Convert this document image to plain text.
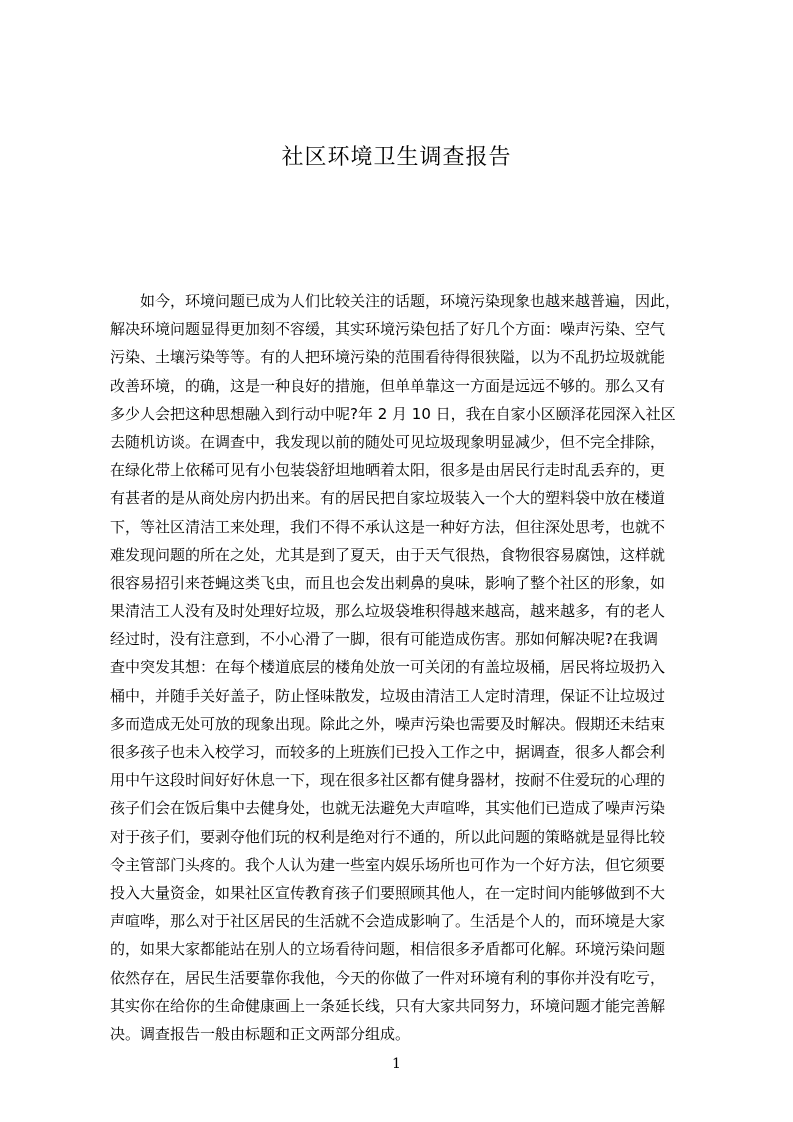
社区环境卫生调查报告
如今，环境问题已成为人们比较关注的话题，环境污染现象也越来越普遍，因此，
解决环境问题显得更加刻不容缓，其实环境污染包括了好几个方面：噪声污染、空气
污染、土壤污染等等。有的人把环境污染的范围看待得很狭隘，以为不乱扔垃圾就能
改善环境，的确，这是一种良好的措施，但单单靠这一方面是远远不够的。那么又有
多少人会把这种思想融入到行动中呢?年 2 月 10 日，我在自家小区颐泽花园深入社区
去随机访谈。在调查中，我发现以前的随处可见垃圾现象明显减少，但不完全排除，
在绿化带上依稀可见有小包装袋舒坦地晒着太阳，很多是由居民行走时乱丢弃的，更
有甚者的是从商处房内扔出来。有的居民把自家垃圾装入一个大的塑料袋中放在楼道
下，等社区清洁工来处理，我们不得不承认这是一种好方法，但往深处思考，也就不
难发现问题的所在之处，尤其是到了夏天，由于天气很热，食物很容易腐蚀，这样就
很容易招引来苍蝇这类飞虫，而且也会发出刺鼻的臭味，影响了整个社区的形象，如
果清洁工人没有及时处理好垃圾，那么垃圾袋堆积得越来越高，越来越多，有的老人
经过时，没有注意到，不小心滑了一脚，很有可能造成伤害。那如何解决呢?在我调
查中突发其想：在每个楼道底层的楼角处放一可关闭的有盖垃圾桶，居民将垃圾扔入
桶中，并随手关好盖子，防止怪味散发，垃圾由清洁工人定时清理，保证不让垃圾过
多而造成无处可放的现象出现。除此之外，噪声污染也需要及时解决。假期还未结束
很多孩子也未入校学习，而较多的上班族们已投入工作之中，据调查，很多人都会利
用中午这段时间好好休息一下，现在很多社区都有健身器材，按耐不住爱玩的心理的
孩子们会在饭后集中去健身处，也就无法避免大声喧哗，其实他们已造成了噪声污染
对于孩子们，要剥夺他们玩的权利是绝对行不通的，所以此问题的策略就是显得比较
令主管部门头疼的。我个人认为建一些室内娱乐场所也可作为一个好方法，但它须要
投入大量资金，如果社区宣传教育孩子们要照顾其他人，在一定时间内能够做到不大
声喧哗，那么对于社区居民的生活就不会造成影响了。生活是个人的，而环境是大家
的，如果大家都能站在别人的立场看待问题，相信很多矛盾都可化解。环境污染问题
依然存在，居民生活要靠你我他，今天的你做了一件对环境有利的事你并没有吃亏，
其实你在给你的生命健康画上一条延长线，只有大家共同努力，环境问题才能完善解
决。调查报告一般由标题和正文两部分组成。
1
